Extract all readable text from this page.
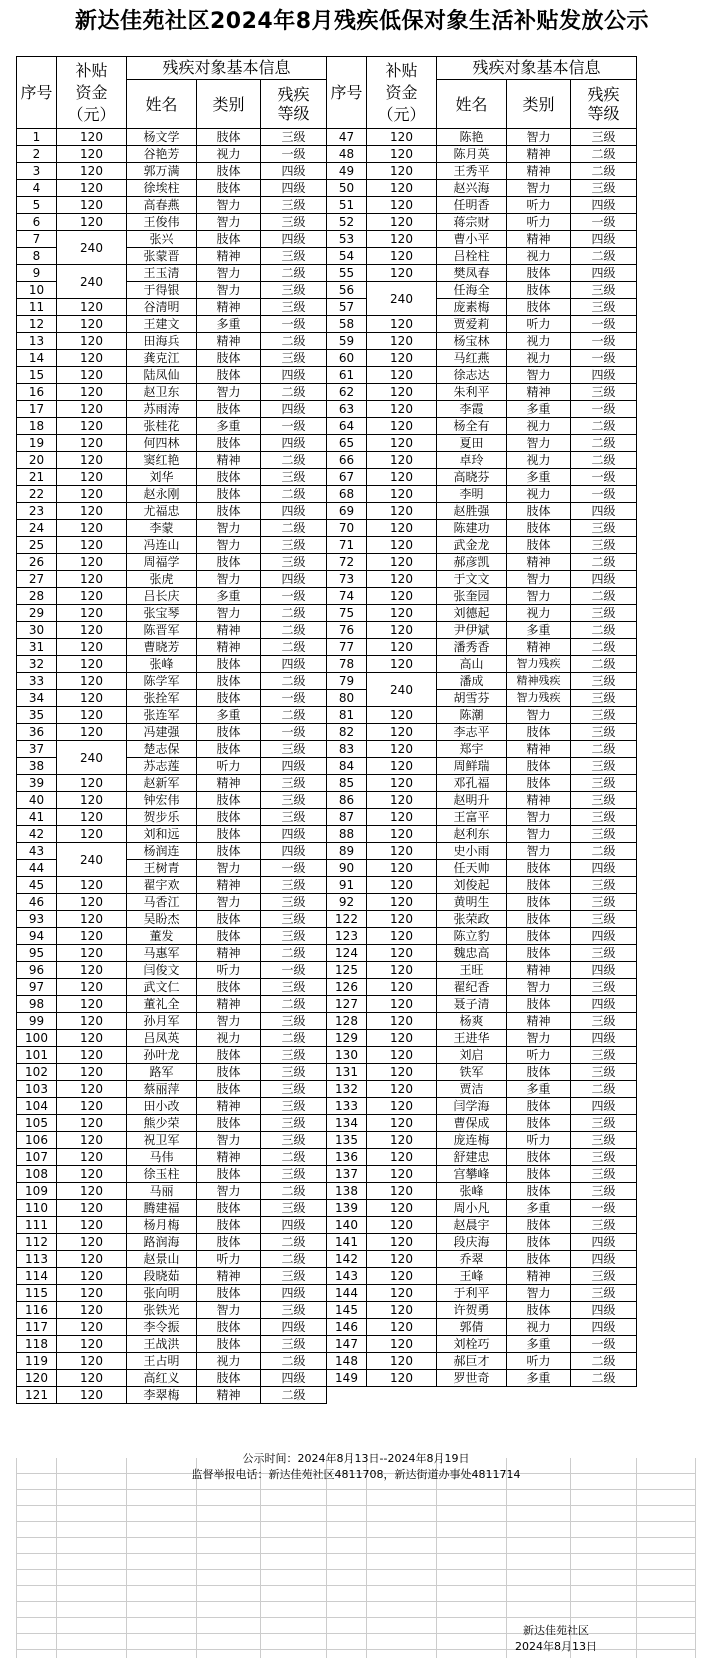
新达佳苑社区2024年8月残疾低保对象生活补贴发放公示
序号	补贴
资金
（元）	残疾对象基本信息			序号	补贴
资金
（元）	残疾对象基本信息		
		姓名	类别	残疾
等级			姓名	类别	残疾
等级
1	120	杨文学	肢体	三级	47	120	陈艳	智力	三级
2	120	谷艳芳	视力	一级	48	120	陈月英	精神	二级
3	120	郭万满	肢体	四级	49	120	王秀平	精神	二级
4	120	徐埃柱	肢体	四级	50	120	赵兴海	智力	三级
5	120	高春燕	智力	三级	51	120	任明香	听力	四级
6	120	王俊伟	智力	三级	52	120	蒋宗财	听力	一级
7	240	张兴	肢体	四级	53	120	曹小平	精神	四级
8		张蒙晋	精神	三级	54	120	吕栓柱	视力	二级
9	240	王玉清	智力	二级	55	120	樊凤春	肢体	四级
10		于得银	智力	三级	56	240	任海全	肢体	三级
11	120	谷清明	精神	三级	57		庞素梅	肢体	三级
12	120	王建文	多重	一级	58	120	贾爱莉	听力	一级
13	120	田海兵	精神	二级	59	120	杨宝林	视力	一级
14	120	龚克江	肢体	三级	60	120	马红燕	视力	一级
15	120	陆凤仙	肢体	四级	61	120	徐志达	智力	四级
16	120	赵卫东	智力	二级	62	120	朱利平	精神	三级
17	120	苏雨涛	肢体	四级	63	120	李霞	多重	一级
18	120	张桂花	多重	一级	64	120	杨全有	视力	二级
19	120	何四林	肢体	四级	65	120	夏田	智力	二级
20	120	窦红艳	精神	二级	66	120	卓玲	视力	二级
21	120	刘华	肢体	三级	67	120	高晓芬	多重	一级
22	120	赵永刚	肢体	二级	68	120	李明	视力	一级
23	120	尤福忠	肢体	四级	69	120	赵胜强	肢体	四级
24	120	李蒙	智力	二级	70	120	陈建功	肢体	三级
25	120	冯连山	智力	三级	71	120	武金龙	肢体	三级
26	120	周福学	肢体	三级	72	120	郝彦凯	精神	二级
27	120	张虎	智力	四级	73	120	于文文	智力	四级
28	120	吕长庆	多重	一级	74	120	张奎园	智力	二级
29	120	张宝琴	智力	二级	75	120	刘德起	视力	三级
30	120	陈晋军	精神	二级	76	120	尹伊斌	多重	二级
31	120	曹晓芳	精神	二级	77	120	潘秀香	精神	二级
32	120	张峰	肢体	四级	78	120	高山	智力残疾	二级
33	120	陈学军	肢体	二级	79	240	潘成	精神残疾	三级
34	120	张拴军	肢体	一级	80		胡雪芬	智力残疾	三级
35	120	张连军	多重	二级	81	120	陈潮	智力	三级
36	120	冯建强	肢体	一级	82	120	李志平	肢体	三级
37	240	楚志保	肢体	三级	83	120	郑宇	精神	二级
38		苏志莲	听力	四级	84	120	周鲜瑞	肢体	三级
39	120	赵新军	精神	三级	85	120	邓孔福	肢体	三级
40	120	钟宏伟	肢体	三级	86	120	赵明升	精神	三级
41	120	贺步乐	肢体	三级	87	120	王富平	智力	三级
42	120	刘和远	肢体	四级	88	120	赵利东	智力	三级
43	240	杨润连	肢体	四级	89	120	史小雨	智力	二级
44		王树青	智力	一级	90	120	任天帅	肢体	四级
45	120	翟宇欢	精神	三级	91	120	刘俊起	肢体	三级
46	120	马香江	智力	三级	92	120	黄明生	肢体	三级
93	120	吴盼杰	肢体	三级	122	120	张荣政	肢体	三级
94	120	董发	肢体	三级	123	120	陈立豹	肢体	四级
95	120	马惠军	精神	二级	124	120	魏忠高	肢体	三级
96	120	闫俊文	听力	一级	125	120	王旺	精神	四级
97	120	武文仁	肢体	三级	126	120	翟纪香	智力	三级
98	120	董礼全	精神	二级	127	120	聂子清	肢体	四级
99	120	孙月军	智力	三级	128	120	杨爽	精神	三级
100	120	吕凤英	视力	二级	129	120	王进华	智力	四级
101	120	孙叶龙	肢体	三级	130	120	刘启	听力	三级
102	120	路军	肢体	三级	131	120	铁军	肢体	三级
103	120	蔡丽萍	肢体	三级	132	120	贾洁	多重	二级
104	120	田小改	精神	三级	133	120	闫学海	肢体	四级
105	120	熊少荣	肢体	三级	134	120	曹保成	肢体	三级
106	120	祝卫军	智力	三级	135	120	庞连梅	听力	三级
107	120	马伟	精神	二级	136	120	舒建忠	肢体	三级
108	120	徐玉柱	肢体	三级	137	120	宫攀峰	肢体	三级
109	120	马丽	智力	二级	138	120	张峰	肢体	三级
110	120	腾建福	肢体	三级	139	120	周小凡	多重	一级
111	120	杨月梅	肢体	四级	140	120	赵晨宇	肢体	三级
112	120	路润海	肢体	二级	141	120	段庆海	肢体	四级
113	120	赵景山	听力	二级	142	120	乔翠	肢体	四级
114	120	段晓茹	精神	三级	143	120	王峰	精神	三级
115	120	张向明	肢体	四级	144	120	于利平	智力	三级
116	120	张铁光	智力	三级	145	120	许贺勇	肢体	四级
117	120	李令振	肢体	四级	146	120	郭倩	视力	四级
118	120	王战洪	肢体	三级	147	120	刘栓巧	多重	一级
119	120	王占明	视力	二级	148	120	郝巨才	听力	二级
120	120	高红义	肢体	四级	149	120	罗世奇	多重	二级
121	120	李翠梅	精神	二级					
公示时间：2024年8月13日--2024年8月19日
监督举报电话：新达佳苑社区4811708，新达街道办事处4811714
新达佳苑社区
2024年8月13日
